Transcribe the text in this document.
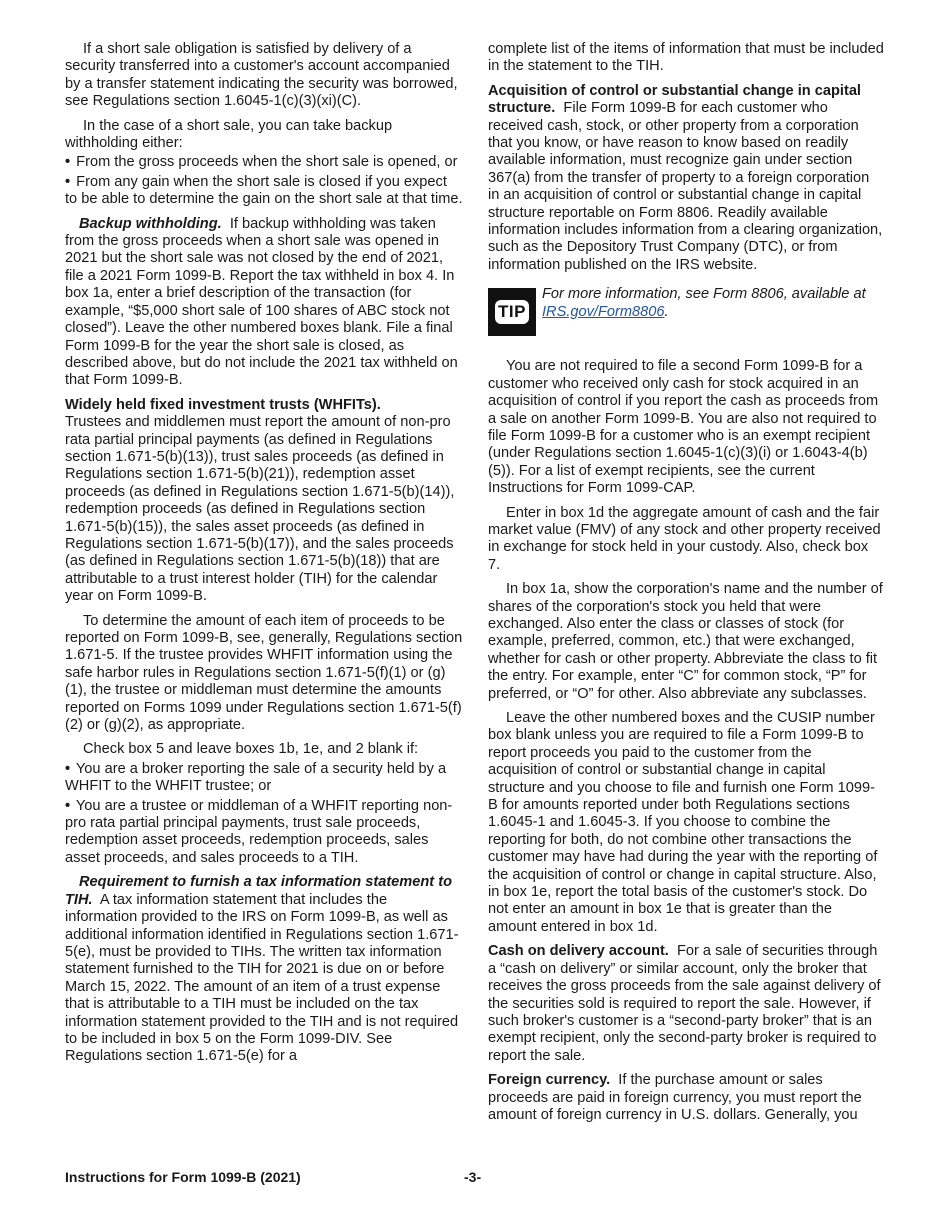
If a short sale obligation is satisfied by delivery of a security transferred into a customer's account accompanied by a transfer statement indicating the security was borrowed, see Regulations section 1.6045-1(c)(3)(xi)(C).

In the case of a short sale, you can take backup withholding either:

• From the gross proceeds when the short sale is opened, or

• From any gain when the short sale is closed if you expect to be able to determine the gain on the short sale at that time.

Backup withholding. If backup withholding was taken from the gross proceeds when a short sale was opened in 2021 but the short sale was not closed by the end of 2021, file a 2021 Form 1099-B. Report the tax withheld in box 4. In box 1a, enter a brief description of the transaction (for example, “$5,000 short sale of 100 shares of ABC stock not closed”). Leave the other numbered boxes blank. File a final Form 1099-B for the year the short sale is closed, as described above, but do not include the 2021 tax withheld on that Form 1099-B.

Widely held fixed investment trusts (WHFITs).
Trustees and middlemen must report the amount of non-pro rata partial principal payments (as defined in Regulations section 1.671-5(b)(13)), trust sales proceeds (as defined in Regulations section 1.671-5(b)(21)), redemption asset proceeds (as defined in Regulations section 1.671-5(b)(14)), redemption proceeds (as defined in Regulations section 1.671-5(b)(15)), the sales asset proceeds (as defined in Regulations section 1.671-5(b)(17)), and the sales proceeds (as defined in Regulations section 1.671-5(b)(18)) that are attributable to a trust interest holder (TIH) for the calendar year on Form 1099-B.

To determine the amount of each item of proceeds to be reported on Form 1099-B, see, generally, Regulations section 1.671-5. If the trustee provides WHFIT information using the safe harbor rules in Regulations section 1.671-5(f)(1) or (g)(1), the trustee or middleman must determine the amounts reported on Forms 1099 under Regulations section 1.671-5(f)(2) or (g)(2), as appropriate.

Check box 5 and leave boxes 1b, 1e, and 2 blank if:

• You are a broker reporting the sale of a security held by a WHFIT to the WHFIT trustee; or

• You are a trustee or middleman of a WHFIT reporting non-pro rata partial principal payments, trust sale proceeds, redemption asset proceeds, redemption proceeds, sales asset proceeds, and sales proceeds to a TIH.

Requirement to furnish a tax information statement to TIH. A tax information statement that includes the information provided to the IRS on Form 1099-B, as well as additional information identified in Regulations section 1.671-5(e), must be provided to TIHs. The written tax information statement furnished to the TIH for 2021 is due on or before March 15, 2022. The amount of an item of a trust expense that is attributable to a TIH must be included on the tax information statement provided to the TIH and is not required to be included in box 5 on the Form 1099-DIV. See Regulations section 1.671-5(e) for a

complete list of the items of information that must be included in the statement to the TIH.

Acquisition of control or substantial change in capital structure. File Form 1099-B for each customer who received cash, stock, or other property from a corporation that you know, or have reason to know based on readily available information, must recognize gain under section 367(a) from the transfer of property to a foreign corporation in an acquisition of control or substantial change in capital structure reportable on Form 8806. Readily available information includes information from a clearing organization, such as the Depository Trust Company (DTC), or from information published on the IRS website.

TIP
For more information, see Form 8806, available at IRS.gov/Form8806.

You are not required to file a second Form 1099-B for a customer who received only cash for stock acquired in an acquisition of control if you report the cash as proceeds from a sale on another Form 1099-B. You are also not required to file Form 1099-B for a customer who is an exempt recipient (under Regulations section 1.6045-1(c)(3)(i) or 1.6043-4(b)(5)). For a list of exempt recipients, see the current Instructions for Form 1099-CAP.

Enter in box 1d the aggregate amount of cash and the fair market value (FMV) of any stock and other property received in exchange for stock held in your custody. Also, check box 7.

In box 1a, show the corporation's name and the number of shares of the corporation's stock you held that were exchanged. Also enter the class or classes of stock (for example, preferred, common, etc.) that were exchanged, whether for cash or other property. Abbreviate the class to fit the entry. For example, enter “C” for common stock, “P” for preferred, or “O” for other. Also abbreviate any subclasses.

Leave the other numbered boxes and the CUSIP number box blank unless you are required to file a Form 1099-B to report proceeds you paid to the customer from the acquisition of control or substantial change in capital structure and you choose to file and furnish one Form 1099-B for amounts reported under both Regulations sections 1.6045-1 and 1.6045-3. If you choose to combine the reporting for both, do not combine other transactions the customer may have had during the year with the reporting of the acquisition of control or change in capital structure. Also, in box 1e, report the total basis of the customer's stock. Do not enter an amount in box 1e that is greater than the amount entered in box 1d.

Cash on delivery account. For a sale of securities through a “cash on delivery” or similar account, only the broker that receives the gross proceeds from the sale against delivery of the securities sold is required to report the sale. However, if such broker's customer is a “second-party broker” that is an exempt recipient, only the second-party broker is required to report the sale.

Foreign currency. If the purchase amount or sales proceeds are paid in foreign currency, you must report the amount of foreign currency in U.S. dollars. Generally, you

Instructions for Form 1099-B (2021)	-3-
